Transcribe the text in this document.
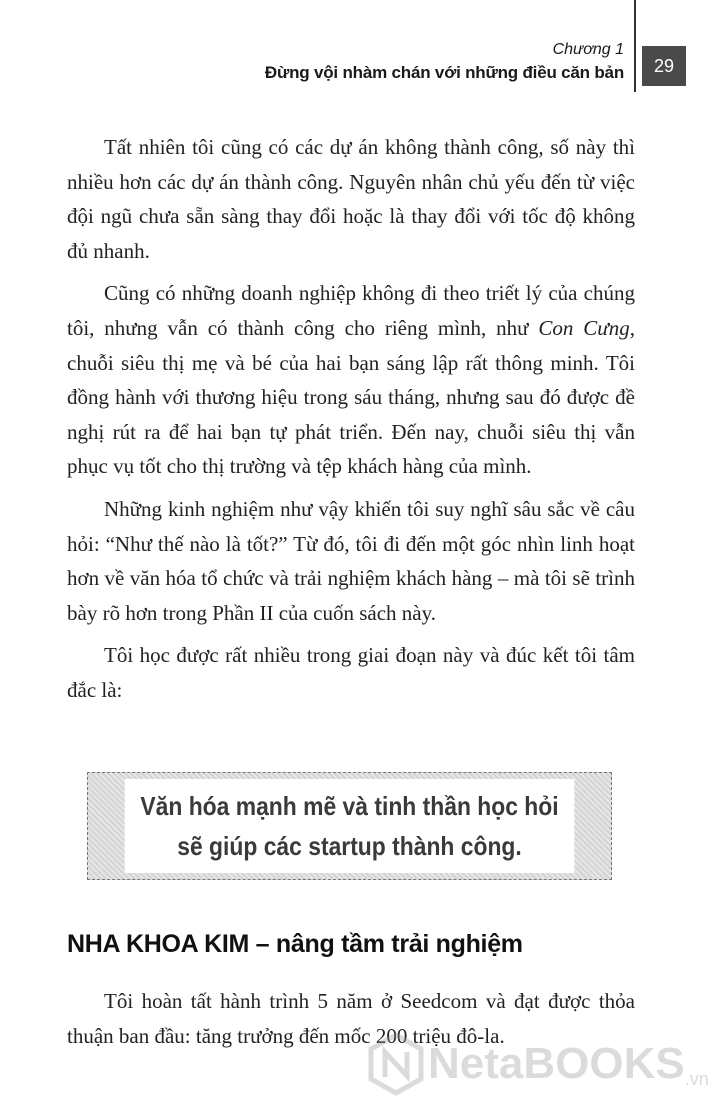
Chương 1
Đừng vội nhàm chán với những điều căn bản	29

Tất nhiên tôi cũng có các dự án không thành công, số này thì nhiều hơn các dự án thành công. Nguyên nhân chủ yếu đến từ việc đội ngũ chưa sẵn sàng thay đổi hoặc là thay đổi với tốc độ không đủ nhanh.

Cũng có những doanh nghiệp không đi theo triết lý của chúng tôi, nhưng vẫn có thành công cho riêng mình, như Con Cưng, chuỗi siêu thị mẹ và bé của hai bạn sáng lập rất thông minh. Tôi đồng hành với thương hiệu trong sáu tháng, nhưng sau đó được đề nghị rút ra để hai bạn tự phát triển. Đến nay, chuỗi siêu thị vẫn phục vụ tốt cho thị trường và tệp khách hàng của mình.

Những kinh nghiệm như vậy khiến tôi suy nghĩ sâu sắc về câu hỏi: “Như thế nào là tốt?” Từ đó, tôi đi đến một góc nhìn linh hoạt hơn về văn hóa tổ chức và trải nghiệm khách hàng – mà tôi sẽ trình bày rõ hơn trong Phần II của cuốn sách này.

Tôi học được rất nhiều trong giai đoạn này và đúc kết tôi tâm đắc là:

Văn hóa mạnh mẽ và tinh thần học hỏi
sẽ giúp các startup thành công.
NHA KHOA KIM – nâng tầm trải nghiệm

Tôi hoàn tất hành trình 5 năm ở Seedcom và đạt được thỏa thuận ban đầu: tăng trưởng đến mốc 200 triệu đô-la.

NetaBOOKS .vn
